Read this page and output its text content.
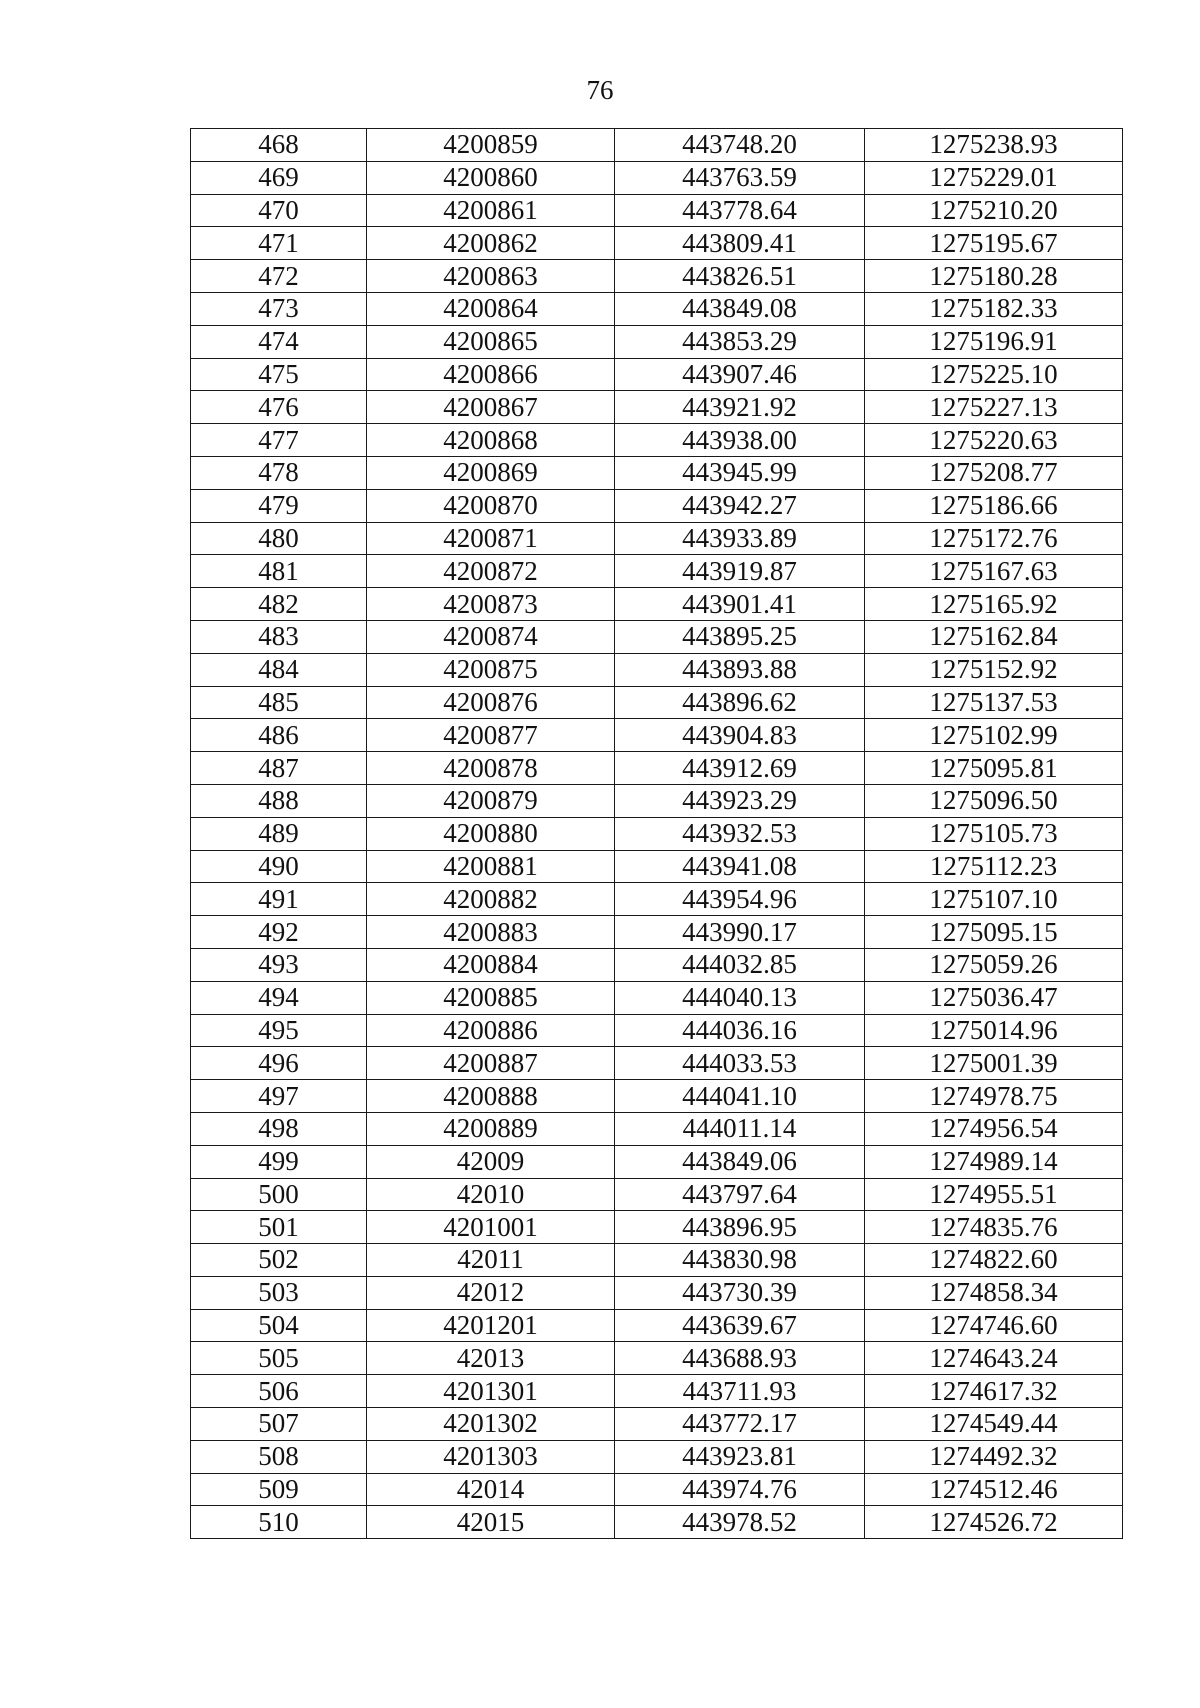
76
468	4200859	443748.20	1275238.93
469	4200860	443763.59	1275229.01
470	4200861	443778.64	1275210.20
471	4200862	443809.41	1275195.67
472	4200863	443826.51	1275180.28
473	4200864	443849.08	1275182.33
474	4200865	443853.29	1275196.91
475	4200866	443907.46	1275225.10
476	4200867	443921.92	1275227.13
477	4200868	443938.00	1275220.63
478	4200869	443945.99	1275208.77
479	4200870	443942.27	1275186.66
480	4200871	443933.89	1275172.76
481	4200872	443919.87	1275167.63
482	4200873	443901.41	1275165.92
483	4200874	443895.25	1275162.84
484	4200875	443893.88	1275152.92
485	4200876	443896.62	1275137.53
486	4200877	443904.83	1275102.99
487	4200878	443912.69	1275095.81
488	4200879	443923.29	1275096.50
489	4200880	443932.53	1275105.73
490	4200881	443941.08	1275112.23
491	4200882	443954.96	1275107.10
492	4200883	443990.17	1275095.15
493	4200884	444032.85	1275059.26
494	4200885	444040.13	1275036.47
495	4200886	444036.16	1275014.96
496	4200887	444033.53	1275001.39
497	4200888	444041.10	1274978.75
498	4200889	444011.14	1274956.54
499	42009	443849.06	1274989.14
500	42010	443797.64	1274955.51
501	4201001	443896.95	1274835.76
502	42011	443830.98	1274822.60
503	42012	443730.39	1274858.34
504	4201201	443639.67	1274746.60
505	42013	443688.93	1274643.24
506	4201301	443711.93	1274617.32
507	4201302	443772.17	1274549.44
508	4201303	443923.81	1274492.32
509	42014	443974.76	1274512.46
510	42015	443978.52	1274526.72
